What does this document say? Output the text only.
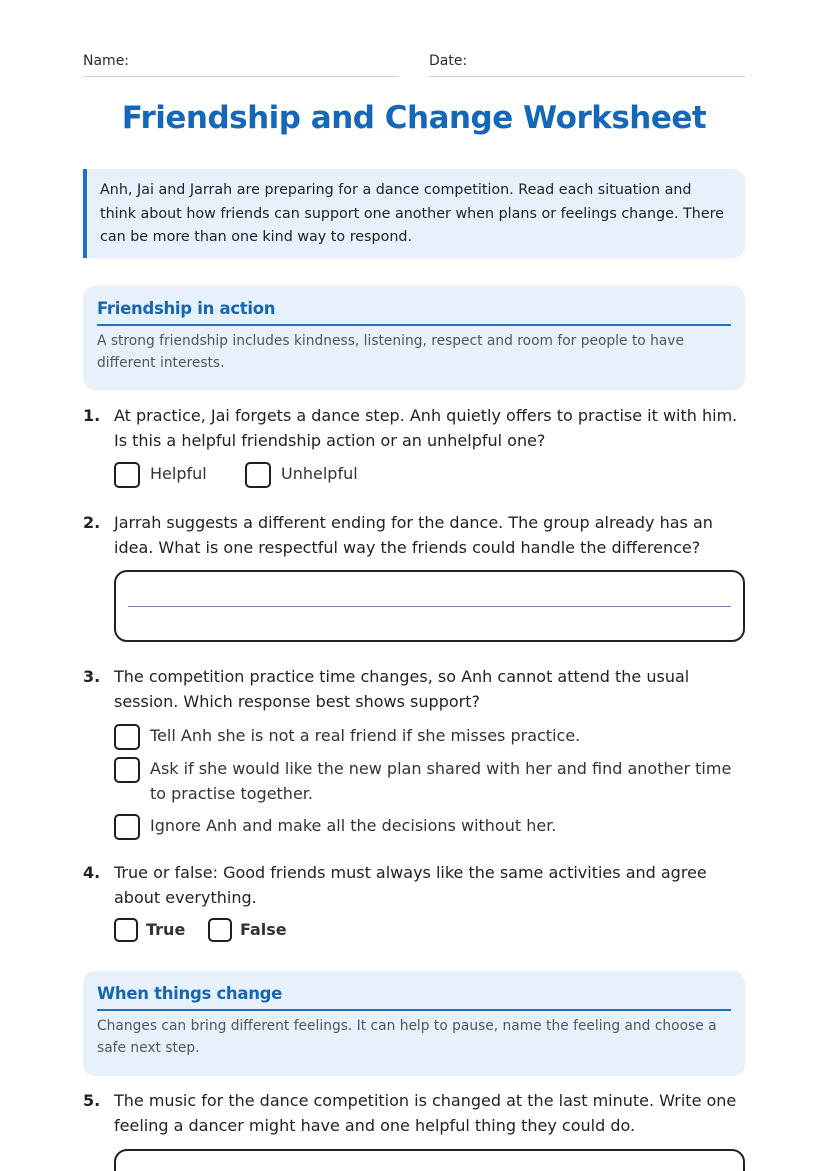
Name:	Date:
Friendship and Change Worksheet
Anh, Jai and Jarrah are preparing for a dance competition. Read each situation and think about how friends can support one another when plans or feelings change. There can be more than one kind way to respond.
Friendship in action
A strong friendship includes kindness, listening, respect and room for people to have different interests.
1. At practice, Jai forgets a dance step. Anh quietly offers to practise it with him. Is this a helpful friendship action or an unhelpful one?
Helpful	Unhelpful
2. Jarrah suggests a different ending for the dance. The group already has an idea. What is one respectful way the friends could handle the difference?
3. The competition practice time changes, so Anh cannot attend the usual session. Which response best shows support?
Tell Anh she is not a real friend if she misses practice.
Ask if she would like the new plan shared with her and find another time to practise together.
Ignore Anh and make all the decisions without her.
4. True or false: Good friends must always like the same activities and agree about everything.
True	False
When things change
Changes can bring different feelings. It can help to pause, name the feeling and choose a safe next step.
5. The music for the dance competition is changed at the last minute. Write one feeling a dancer might have and one helpful thing they could do.
